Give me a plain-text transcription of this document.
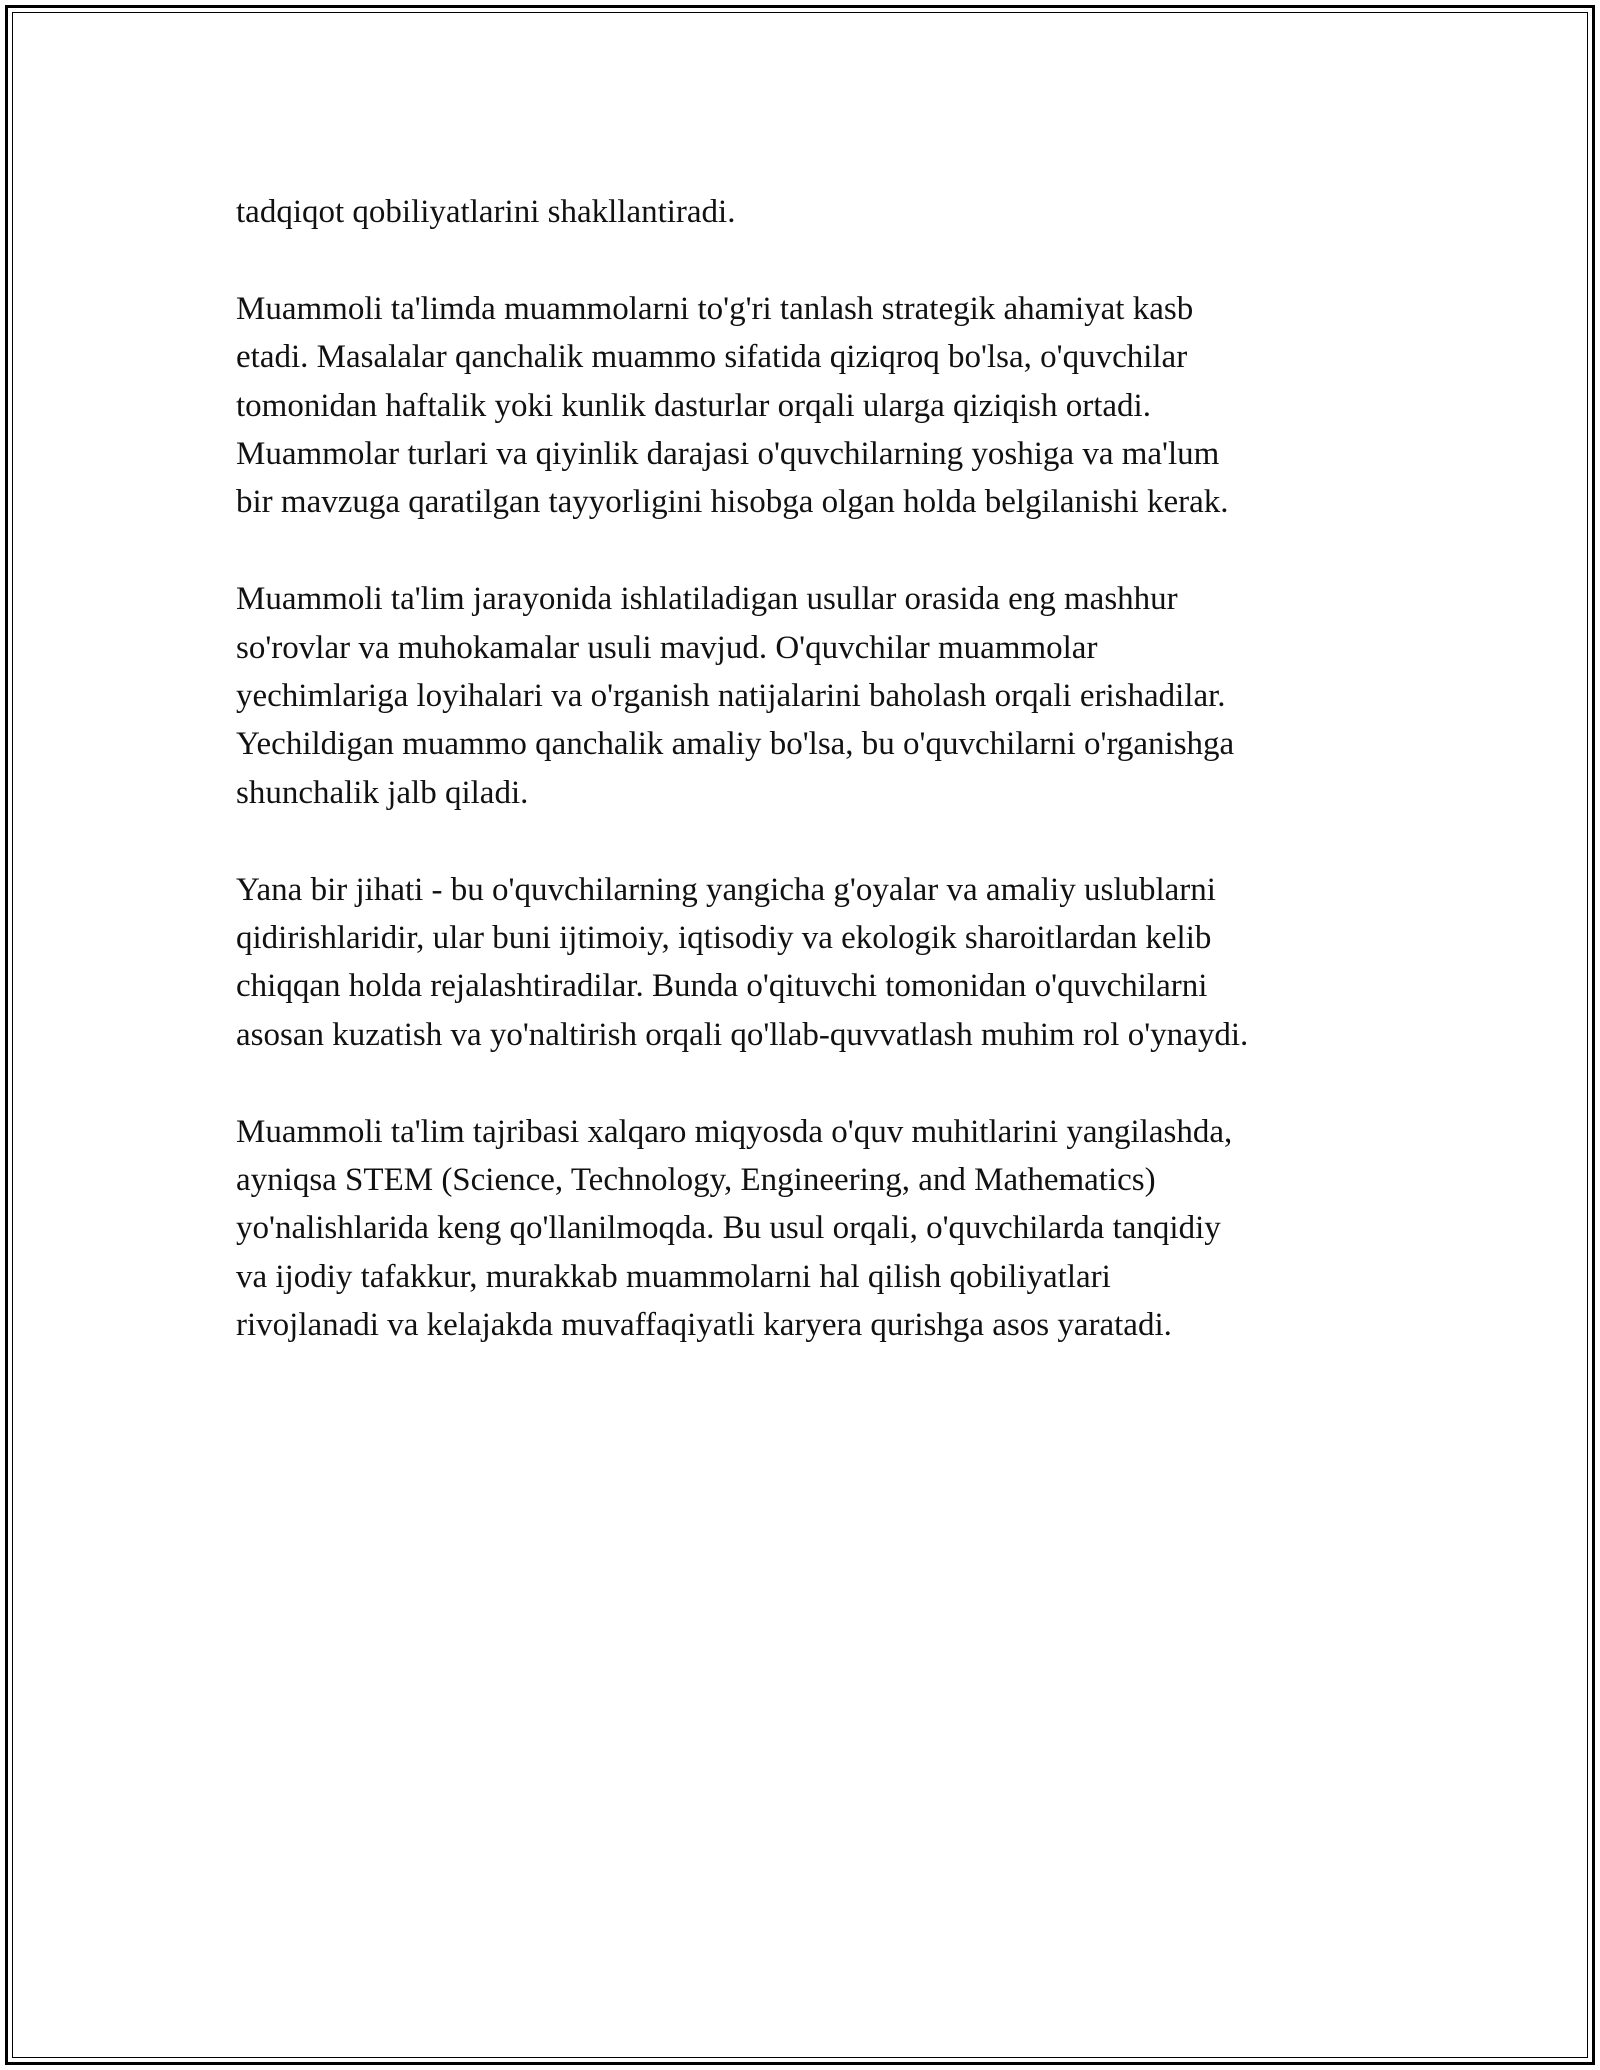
tadqiqot qobiliyatlarini shakllantiradi.

Muammoli ta'limda muammolarni to'g'ri tanlash strategik ahamiyat kasb
etadi. Masalalar qanchalik muammo sifatida qiziqroq bo'lsa, o'quvchilar
tomonidan haftalik yoki kunlik dasturlar orqali ularga qiziqish ortadi.
Muammolar turlari va qiyinlik darajasi o'quvchilarning yoshiga va ma'lum
bir mavzuga qaratilgan tayyorligini hisobga olgan holda belgilanishi kerak.

Muammoli ta'lim jarayonida ishlatiladigan usullar orasida eng mashhur
so'rovlar va muhokamalar usuli mavjud. O'quvchilar muammolar
yechimlariga loyihalari va o'rganish natijalarini baholash orqali erishadilar.
Yechildigan muammo qanchalik amaliy bo'lsa, bu o'quvchilarni o'rganishga
shunchalik jalb qiladi.

Yana bir jihati - bu o'quvchilarning yangicha g'oyalar va amaliy uslublarni
qidirishlaridir, ular buni ijtimoiy, iqtisodiy va ekologik sharoitlardan kelib
chiqqan holda rejalashtiradilar. Bunda o'qituvchi tomonidan o'quvchilarni
asosan kuzatish va yo'naltirish orqali qo'llab-quvvatlash muhim rol o'ynaydi.

Muammoli ta'lim tajribasi xalqaro miqyosda o'quv muhitlarini yangilashda,
ayniqsa STEM (Science, Technology, Engineering, and Mathematics)
yo'nalishlarida keng qo'llanilmoqda. Bu usul orqali, o'quvchilarda tanqidiy
va ijodiy tafakkur, murakkab muammolarni hal qilish qobiliyatlari
rivojlanadi va kelajakda muvaffaqiyatli karyera qurishga asos yaratadi.
